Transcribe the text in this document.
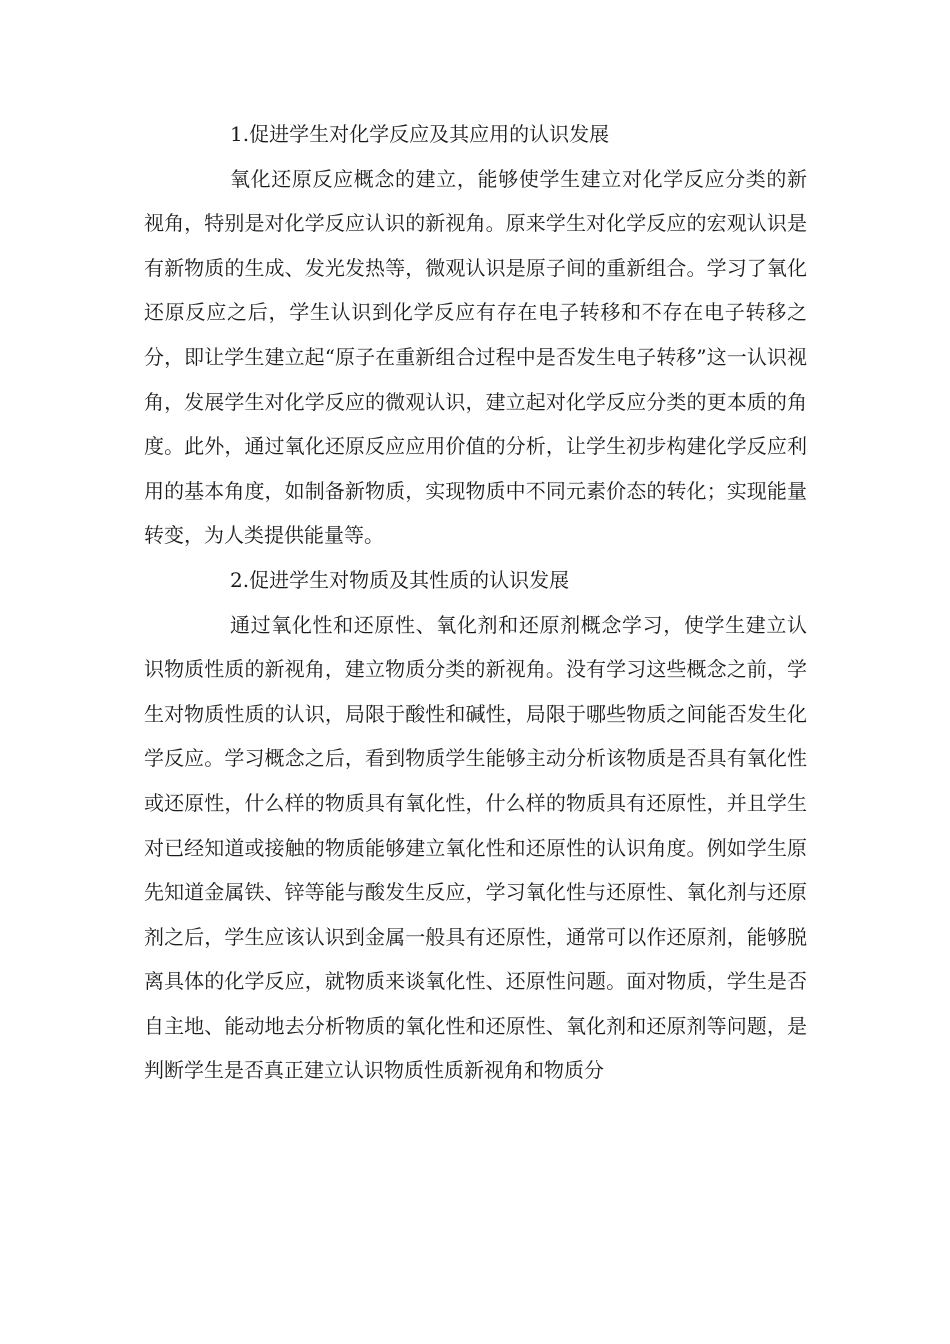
1.促进学生对化学反应及其应用的认识发展

氧化还原反应概念的建立，能够使学生建立对化学反应分类的新视角，特别是对化学反应认识的新视角。原来学生对化学反应的宏观认识是有新物质的生成、发光发热等，微观认识是原子间的重新组合。学习了氧化还原反应之后，学生认识到化学反应有存在电子转移和不存在电子转移之分，即让学生建立起“原子在重新组合过程中是否发生电子转移”这一认识视角，发展学生对化学反应的微观认识，建立起对化学反应分类的更本质的角度。此外，通过氧化还原反应应用价值的分析，让学生初步构建化学反应利用的基本角度，如制备新物质，实现物质中不同元素价态的转化；实现能量转变，为人类提供能量等。

2.促进学生对物质及其性质的认识发展

通过氧化性和还原性、氧化剂和还原剂概念学习，使学生建立认识物质性质的新视角，建立物质分类的新视角。没有学习这些概念之前，学生对物质性质的认识，局限于酸性和碱性，局限于哪些物质之间能否发生化学反应。学习概念之后，看到物质学生能够主动分析该物质是否具有氧化性或还原性，什么样的物质具有氧化性，什么样的物质具有还原性，并且学生对已经知道或接触的物质能够建立氧化性和还原性的认识角度。例如学生原先知道金属铁、锌等能与酸发生反应，学习氧化性与还原性、氧化剂与还原剂之后，学生应该认识到金属一般具有还原性，通常可以作还原剂，能够脱离具体的化学反应，就物质来谈氧化性、还原性问题。面对物质，学生是否自主地、能动地去分析物质的氧化性和还原性、氧化剂和还原剂等问题，是判断学生是否真正建立认识物质性质新视角和物质分
